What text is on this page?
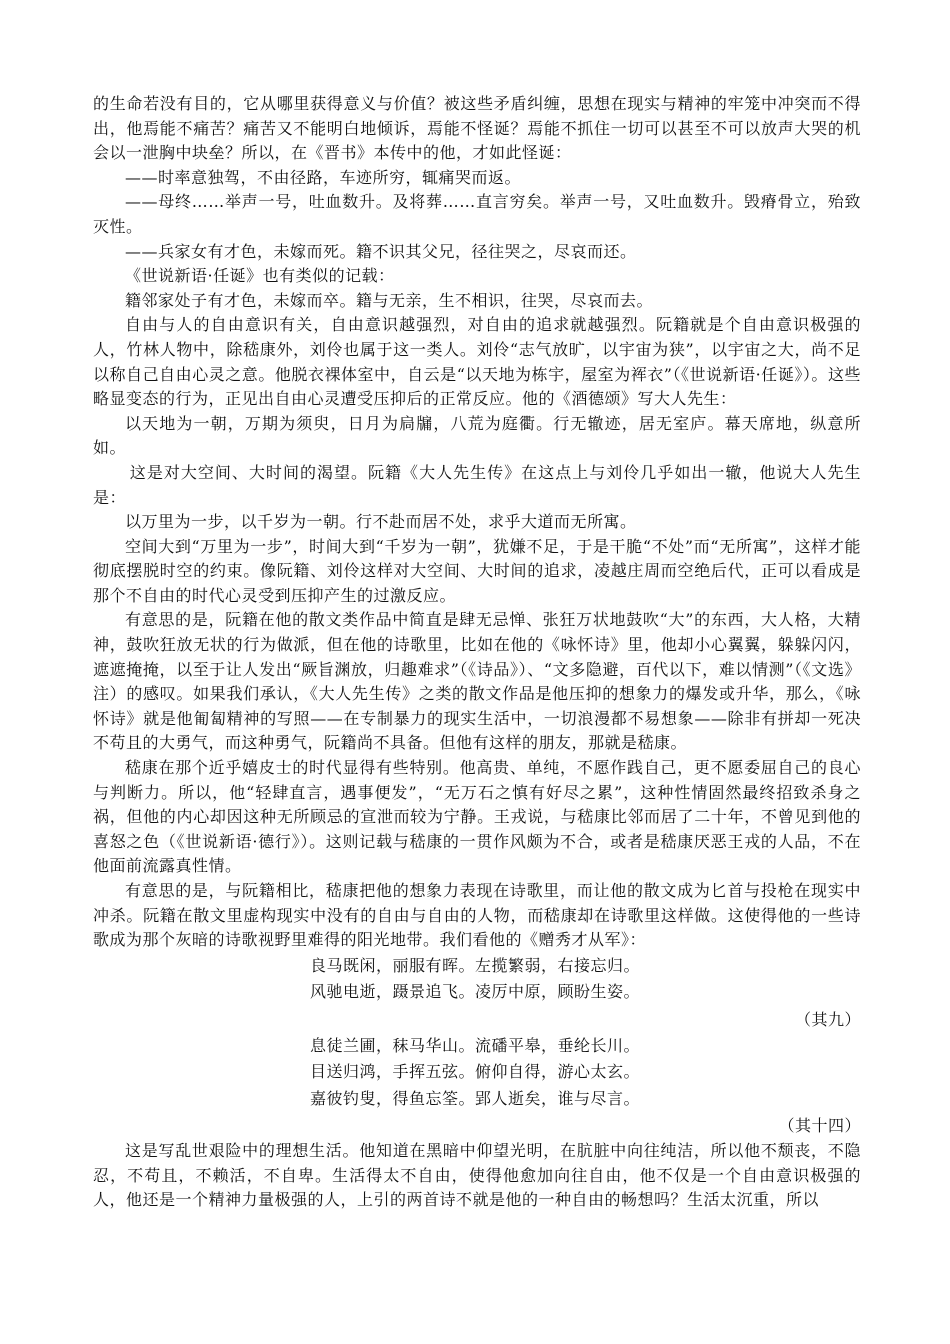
的生命若没有目的，它从哪里获得意义与价值？被这些矛盾纠缠，思想在现实与精神的牢笼中冲突而不得出，他焉能不痛苦？痛苦又不能明白地倾诉，焉能不怪诞？焉能不抓住一切可以甚至不可以放声大哭的机会以一泄胸中块垒？所以，在《晋书》本传中的他，才如此怪诞：

——时率意独驾，不由径路，车迹所穷，辄痛哭而返。

——母终……举声一号，吐血数升。及将葬……直言穷矣。举声一号，又吐血数升。毁瘠骨立，殆致灭性。

——兵家女有才色，未嫁而死。籍不识其父兄，径往哭之，尽哀而还。

《世说新语·任诞》也有类似的记载：

籍邻家处子有才色，未嫁而卒。籍与无亲，生不相识，往哭，尽哀而去。

自由与人的自由意识有关，自由意识越强烈，对自由的追求就越强烈。阮籍就是个自由意识极强的人，竹林人物中，除嵇康外，刘伶也属于这一类人。刘伶“志气放旷，以宇宙为狭”，以宇宙之大，尚不足以称自己自由心灵之意。他脱衣裸体室中，自云是“以天地为栋宇，屋室为裈衣”（《世说新语·任诞》）。这些略显变态的行为，正见出自由心灵遭受压抑后的正常反应。他的《酒德颂》写大人先生：

以天地为一朝，万期为须臾，日月为扃牖，八荒为庭衢。行无辙迹，居无室庐。幕天席地，纵意所如。

这是对大空间、大时间的渴望。阮籍《大人先生传》在这点上与刘伶几乎如出一辙，他说大人先生是：

以万里为一步，以千岁为一朝。行不赴而居不处，求乎大道而无所寓。

空间大到“万里为一步”，时间大到“千岁为一朝”，犹嫌不足，于是干脆“不处”而“无所寓”，这样才能彻底摆脱时空的约束。像阮籍、刘伶这样对大空间、大时间的追求，凌越庄周而空绝后代，正可以看成是那个不自由的时代心灵受到压抑产生的过激反应。

有意思的是，阮籍在他的散文类作品中简直是肆无忌惮、张狂万状地鼓吹“大”的东西，大人格，大精神，鼓吹狂放无状的行为做派，但在他的诗歌里，比如在他的《咏怀诗》里，他却小心翼翼，躲躲闪闪，遮遮掩掩，以至于让人发出“厥旨渊放，归趣难求”（《诗品》）、“文多隐避，百代以下，难以情测”（《文选》注）的感叹。如果我们承认，《大人先生传》之类的散文作品是他压抑的想象力的爆发或升华，那么，《咏怀诗》就是他匍匐精神的写照——在专制暴力的现实生活中，一切浪漫都不易想象——除非有拼却一死决不苟且的大勇气，而这种勇气，阮籍尚不具备。但他有这样的朋友，那就是嵇康。

嵇康在那个近乎嬉皮士的时代显得有些特别。他高贵、单纯，不愿作践自己，更不愿委屈自己的良心与判断力。所以，他“轻肆直言，遇事便发”，“无万石之慎有好尽之累”，这种性情固然最终招致杀身之祸，但他的内心却因这种无所顾忌的宣泄而较为宁静。王戎说，与嵇康比邻而居了二十年，不曾见到他的喜怒之色（《世说新语·德行》）。这则记载与嵇康的一贯作风颇为不合，或者是嵇康厌恶王戎的人品，不在他面前流露真性情。

有意思的是，与阮籍相比，嵇康把他的想象力表现在诗歌里，而让他的散文成为匕首与投枪在现实中冲杀。阮籍在散文里虚构现实中没有的自由与自由的人物，而嵇康却在诗歌里这样做。这使得他的一些诗歌成为那个灰暗的诗歌视野里难得的阳光地带。我们看他的《赠秀才从军》：

良马既闲，丽服有晖。左揽繁弱，右接忘归。

风驰电逝，蹑景追飞。凌厉中原，顾盼生姿。

（其九）

息徒兰圃，秣马华山。流磻平皋，垂纶长川。

目送归鸿，手挥五弦。俯仰自得，游心太玄。

嘉彼钓叟，得鱼忘筌。郢人逝矣，谁与尽言。

（其十四）

这是写乱世艰险中的理想生活。他知道在黑暗中仰望光明，在肮脏中向往纯洁，所以他不颓丧，不隐忍，不苟且，不赖活，不自卑。生活得太不自由，使得他愈加向往自由，他不仅是一个自由意识极强的人，他还是一个精神力量极强的人，上引的两首诗不就是他的一种自由的畅想吗？生活太沉重，所以
